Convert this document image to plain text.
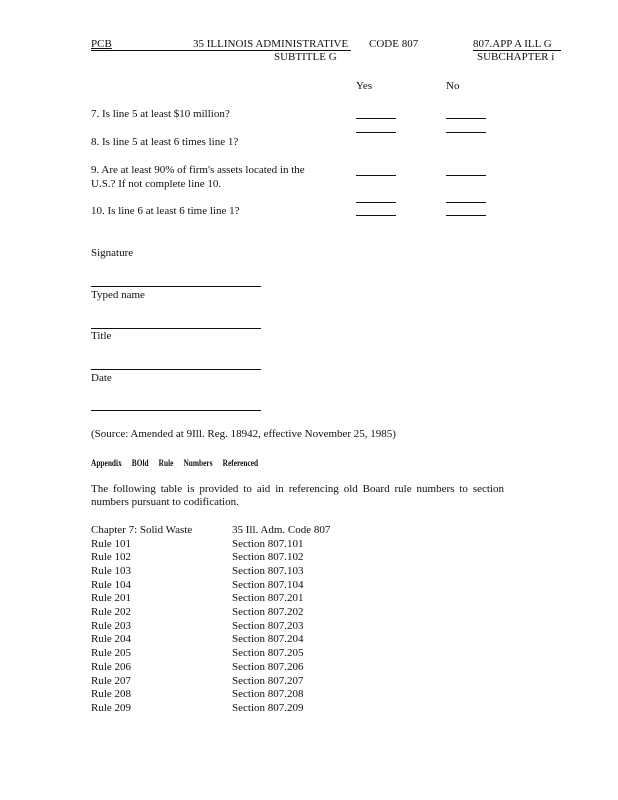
PCB	35 ILLINOIS ADMINISTRATIVE CODE 807	807.APP A ILL G
SUBTITLE G	SUBCHAPTER i
Yes	No
7. Is line 5 at least $10 million?
8. Is line 5 at least 6 times line 1?
9. Are at least 90% of firm's assets located in the
U.S.? If not complete line 10.
10. Is line 6 at least 6 time line 1?
Signature
Typed name
Title
Date
(Source: Amended at 9Ill. Reg. 18942, effective November 25, 1985)
Appendix BOld Rule Numbers Referenced
The following table is provided to aid in referencing old Board rule numbers to section
numbers pursuant to codification.
Chapter 7: Solid Waste	35 Ill. Adm. Code 807
Rule 101	Section 807.101
Rule 102	Section 807.102
Rule 103	Section 807.103
Rule 104	Section 807.104
Rule 201	Section 807.201
Rule 202	Section 807.202
Rule 203	Section 807.203
Rule 204	Section 807.204
Rule 205	Section 807.205
Rule 206	Section 807.206
Rule 207	Section 807.207
Rule 208	Section 807.208
Rule 209	Section 807.209
